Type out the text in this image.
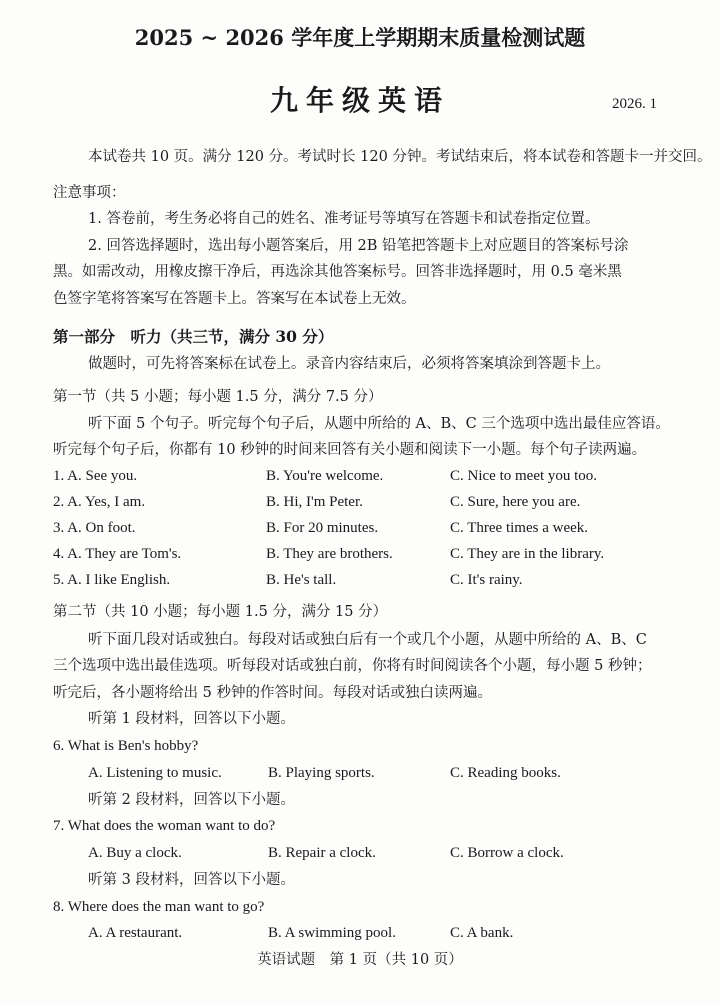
2025 ~ 2026 学年度上学期期末质量检测试题
九年级英语	2026. 1
本试卷共 10 页。满分 120 分。考试时长 120 分钟。考试结束后，将本试卷和答题卡一并交回。
注意事项：
1. 答卷前，考生务必将自己的姓名、准考证号等填写在答题卡和试卷指定位置。
2. 回答选择题时，选出每小题答案后，用 2B 铅笔把答题卡上对应题目的答案标号涂
黑。如需改动，用橡皮擦干净后，再选涂其他答案标号。回答非选择题时，用 0.5 毫米黑
色签字笔将答案写在答题卡上。答案写在本试卷上无效。
第一部分　听力（共三节，满分 30 分）
做题时，可先将答案标在试卷上。录音内容结束后，必须将答案填涂到答题卡上。
第一节（共 5 小题；每小题 1.5 分，满分 7.5 分）
听下面 5 个句子。听完每个句子后，从题中所给的 A、B、C 三个选项中选出最佳应答语。
听完每个句子后，你都有 10 秒钟的时间来回答有关小题和阅读下一小题。每个句子读两遍。
1. A. See you.	B. You're welcome.	C. Nice to meet you too.
2. A. Yes, I am.	B. Hi, I'm Peter.	C. Sure, here you are.
3. A. On foot.	B. For 20 minutes.	C. Three times a week.
4. A. They are Tom's.	B. They are brothers.	C. They are in the library.
5. A. I like English.	B. He's tall.	C. It's rainy.
第二节（共 10 小题；每小题 1.5 分，满分 15 分）
听下面几段对话或独白。每段对话或独白后有一个或几个小题，从题中所给的 A、B、C
三个选项中选出最佳选项。听每段对话或独白前，你将有时间阅读各个小题，每小题 5 秒钟；
听完后，各小题将给出 5 秒钟的作答时间。每段对话或独白读两遍。
听第 1 段材料，回答以下小题。
6. What is Ben's hobby?
A. Listening to music.	B. Playing sports.	C. Reading books.
听第 2 段材料，回答以下小题。
7. What does the woman want to do?
A. Buy a clock.	B. Repair a clock.	C. Borrow a clock.
听第 3 段材料，回答以下小题。
8. Where does the man want to go?
A. A restaurant.	B. A swimming pool.	C. A bank.
英语试题　第 1 页（共 10 页）
